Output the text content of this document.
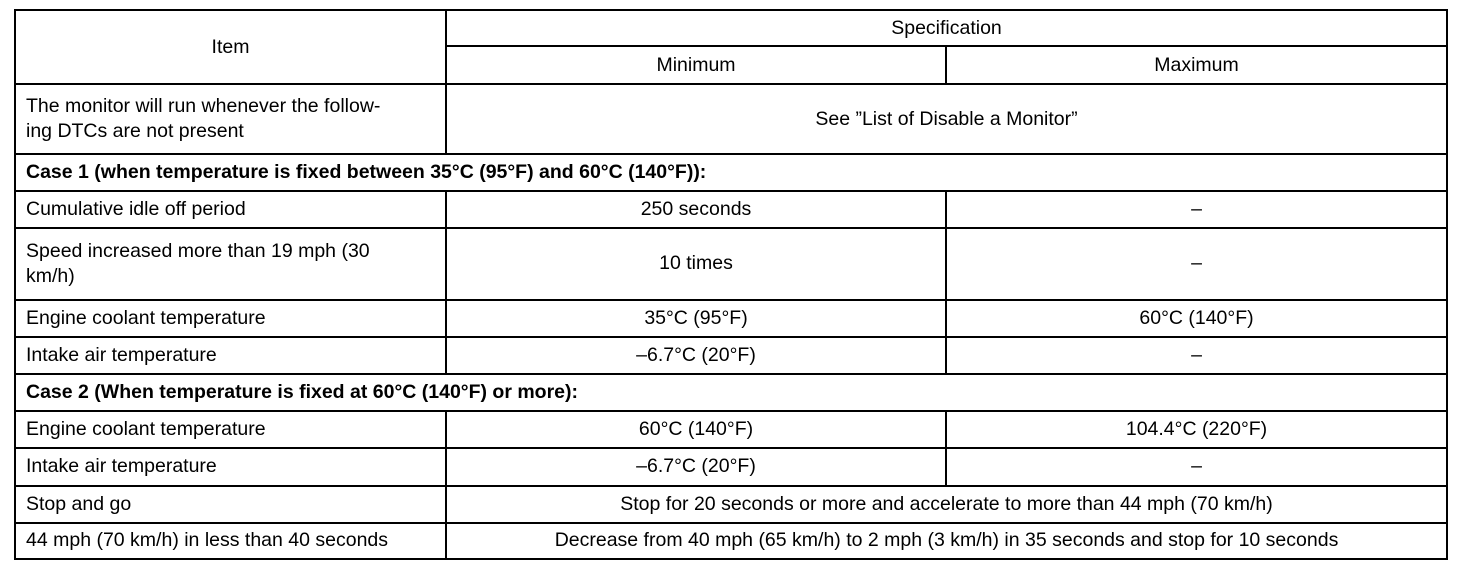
Item	Specification	
	Minimum	Maximum
The monitor will run whenever the follow-
ing DTCs are not present	See ”List of Disable a Monitor”	
Case 1 (when temperature is fixed between 35°C (95°F) and 60°C (140°F)):		
Cumulative idle off period	250 seconds	–
Speed increased more than 19 mph (30
km/h)	10 times	–
Engine coolant temperature	35°C (95°F)	60°C (140°F)
Intake air temperature	–6.7°C (20°F)	–
Case 2 (When temperature is fixed at 60°C (140°F) or more):		
Engine coolant temperature	60°C (140°F)	104.4°C (220°F)
Intake air temperature	–6.7°C (20°F)	–
Stop and go	Stop for 20 seconds or more and accelerate to more than 44 mph (70 km/h)	
44 mph (70 km/h) in less than 40 seconds	Decrease from 40 mph (65 km/h) to 2 mph (3 km/h) in 35 seconds and stop for 10 seconds	
